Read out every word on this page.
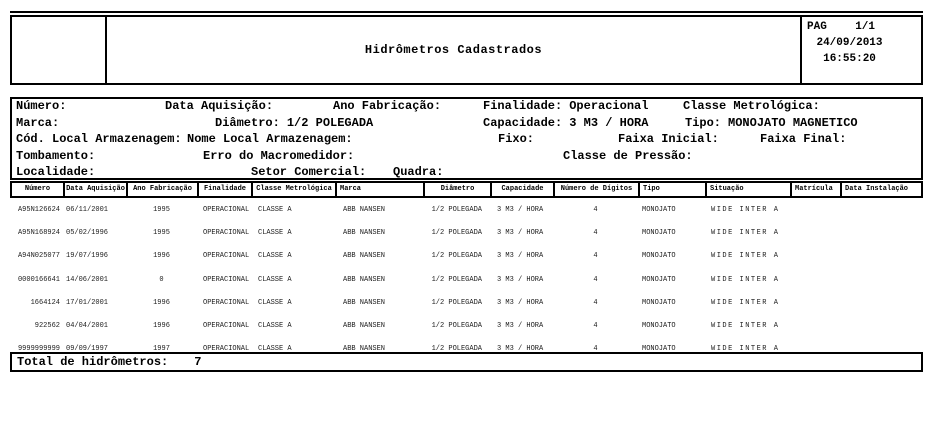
Hidrômetros Cadastrados
PAG	1/1
24/09/2013
16:55:20
Número:	Data Aquisição:	Ano Fabricação:	Finalidade: Operacional	Classe Metrológica:
Marca:	Diâmetro: 1/2 POLEGADA	Capacidade: 3 M3 / HORA	Tipo: MONOJATO MAGNETICO
Cód. Local Armazenagem: Nome Local Armazenagem:	Fixo:	Faixa Inicial:	Faixa Final:
Tombamento:	Erro do Macromedidor:	Classe de Pressão:
Localidade:	Setor Comercial: Quadra:
Número	Data Aquisição	Ano Fabricação	Finalidade	Classe Metrológica	Marca	Diâmetro	Capacidade	Número de Dígitos	Tipo	Situação	Matrícula	Data Instalação
A95N126624 06/11/2001	1995	OPERACIONAL	CLASSE A	ABB NANSEN	1/2 POLEGADA	3 M3 / HORA	4	MONOJATO	WIDE INTER A
A95N168924 05/02/1996	1995	OPERACIONAL	CLASSE A	ABB NANSEN	1/2 POLEGADA	3 M3 / HORA	4	MONOJATO	WIDE INTER A
A94N025077 19/07/1996	1996	OPERACIONAL	CLASSE A	ABB NANSEN	1/2 POLEGADA	3 M3 / HORA	4	MONOJATO	WIDE INTER A
0000166641 14/06/2001	0	OPERACIONAL	CLASSE A	ABB NANSEN	1/2 POLEGADA	3 M3 / HORA	4	MONOJATO	WIDE INTER A
1664124 17/01/2001	1996	OPERACIONAL	CLASSE A	ABB NANSEN	1/2 POLEGADA	3 M3 / HORA	4	MONOJATO	WIDE INTER A
922562 04/04/2001	1996	OPERACIONAL	CLASSE A	ABB NANSEN	1/2 POLEGADA	3 M3 / HORA	4	MONOJATO	WIDE INTER A
9999999999 09/09/1997	1997	OPERACIONAL	CLASSE A	ABB NANSEN	1/2 POLEGADA	3 M3 / HORA	4	MONOJATO	WIDE INTER A
Total de hidrômetros: 7
